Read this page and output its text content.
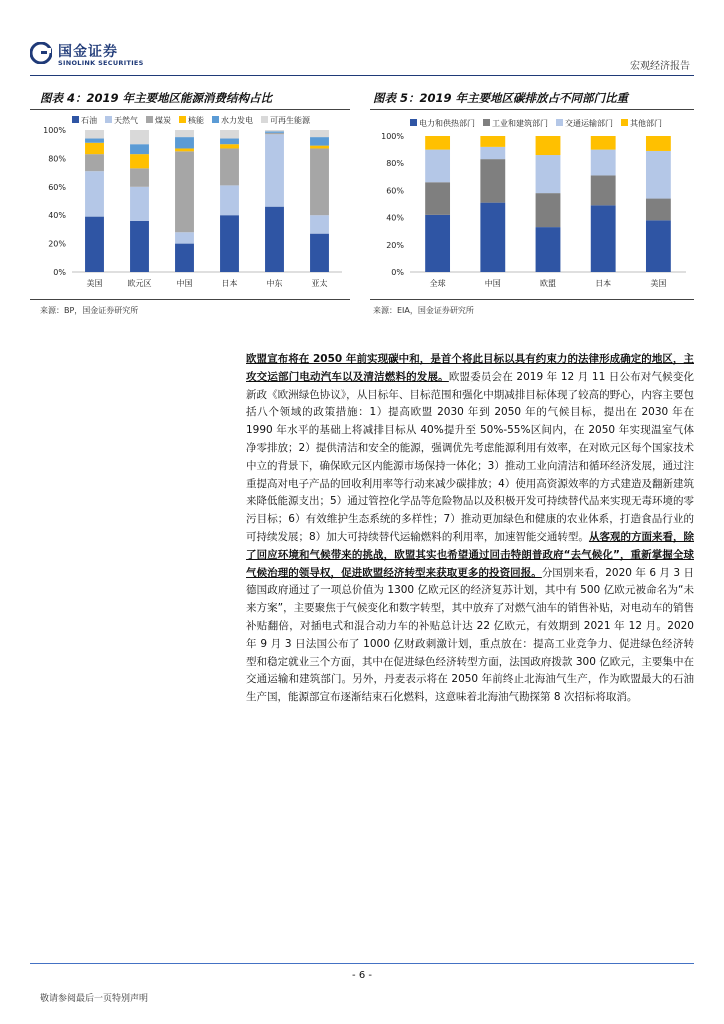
国金证券
SINOLINK SECURITIES	宏观经济报告
图表 4：2019 年主要地区能源消费结构占比	图表 5：2019 年主要地区碳排放占不同部门比重
石油 天然气 煤炭 核能 水力发电 可再生能源
0%
20%
40%
60%
80%
100%
美国	欧元区	中国	日本	中东	亚太
电力和供热部门 工业和建筑部门 交通运输部门 其他部门
0%
20%
40%
60%
80%
100%
全球	中国	欧盟	日本	美国
来源：BP，国金证券研究所	来源：EIA，国金证券研究所

欧盟宣布将在 2050 年前实现碳中和，是首个将此目标以具有约束力的法律形成确定的地区，主攻交运部门电动汽车以及清洁燃料的发展。欧盟委员会在 2019 年 12 月 11 日公布对气候变化新政《欧洲绿色协议》，从目标年、目标范围和强化中期减排目标体现了较高的野心，内容主要包括八个领域的政策措施：1）提高欧盟 2030 年到 2050 年的气候目标，提出在 2030 年在 1990 年水平的基础上将减排目标从 40%提升至 50%-55%区间内，在 2050 年实现温室气体净零排放；2）提供清洁和安全的能源，强调优先考虑能源利用有效率，在对欧元区每个国家技术中立的背景下，确保欧元区内能源市场保持一体化；3）推动工业向清洁和循环经济发展，通过注重提高对电子产品的回收利用率等行动来减少碳排放；4）使用高资源效率的方式建造及翻新建筑来降低能源支出；5）通过管控化学品等危险物品以及积极开发可持续替代品来实现无毒环境的零污目标；6）有效维护生态系统的多样性；7）推动更加绿色和健康的农业体系，打造食品行业的可持续发展；8）加大可持续替代运输燃料的利用率，加速智能交通转型。从客观的方面来看，除了回应环境和气候带来的挑战，欧盟其实也希望通过回击特朗普政府“去气候化”，重新掌握全球气候治理的领导权，促进欧盟经济转型来获取更多的投资回报。分国别来看，2020 年 6 月 3 日德国政府通过了一项总价值为 1300 亿欧元区的经济复苏计划，其中有 500 亿欧元被命名为“未来方案”，主要聚焦于气候变化和数字转型，其中放弃了对燃气油车的销售补贴，对电动车的销售补贴翻倍，对插电式和混合动力车的补贴总计达 22 亿欧元，有效期到 2021 年 12 月。2020 年 9 月 3 日法国公布了 1000 亿财政刺激计划，重点放在：提高工业竞争力、促进绿色经济转型和稳定就业三个方面，其中在促进绿色经济转型方面，法国政府拨款 300 亿欧元，主要集中在交通运输和建筑部门。另外，丹麦表示将在 2050 年前终止北海油气生产，作为欧盟最大的石油生产国，能源部宣布逐渐结束石化燃料，这意味着北海油气勘探第 8 次招标将取消。

- 6 -
敬请参阅最后一页特别声明
